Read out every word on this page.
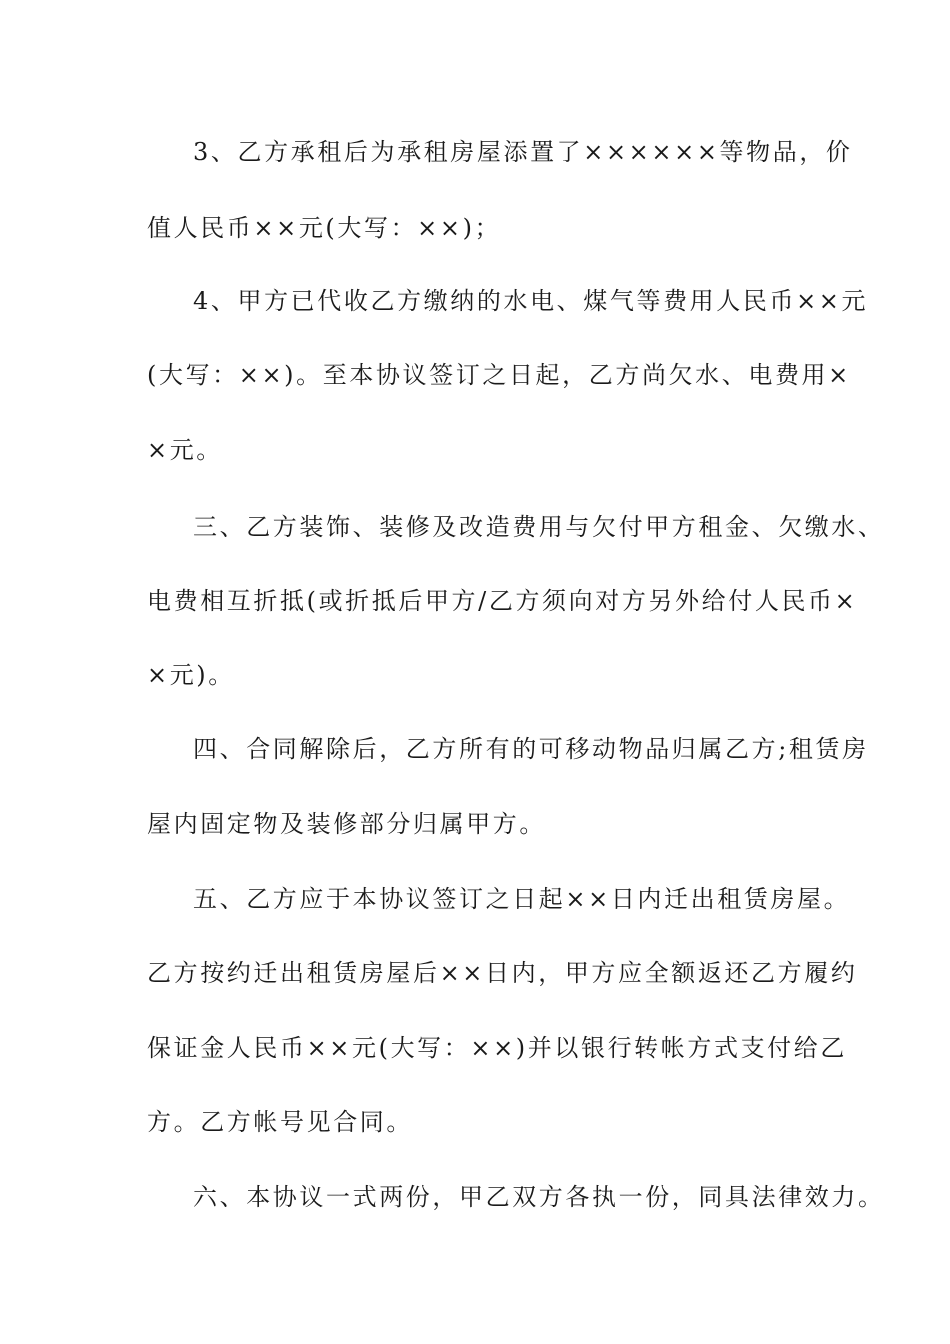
3、乙方承租后为承租房屋添置了××××××等物品，价
值人民币××元(大写：××)；
4、甲方已代收乙方缴纳的水电、煤气等费用人民币××元
(大写：××)。至本协议签订之日起，乙方尚欠水、电费用×
×元。
三、乙方装饰、装修及改造费用与欠付甲方租金、欠缴水、
电费相互折抵(或折抵后甲方/乙方须向对方另外给付人民币×
×元)。
四、合同解除后，乙方所有的可移动物品归属乙方;租赁房
屋内固定物及装修部分归属甲方。
五、乙方应于本协议签订之日起××日内迁出租赁房屋。
乙方按约迁出租赁房屋后××日内，甲方应全额返还乙方履约
保证金人民币××元(大写：××)并以银行转帐方式支付给乙
方。乙方帐号见合同。
六、本协议一式两份，甲乙双方各执一份，同具法律效力。
